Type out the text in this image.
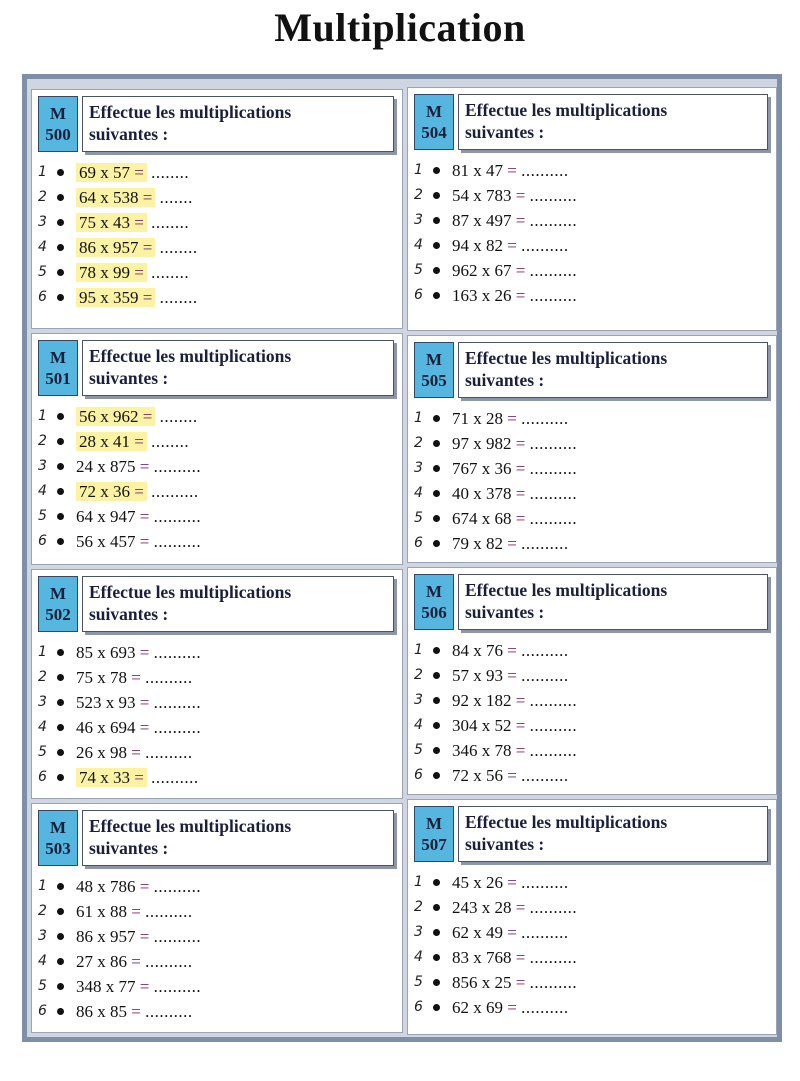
Multiplication
M
500
Effectue les multiplications
suivantes :
1 69 x 57 = ........
2 64 x 538 = .......
3 75 x 43 = ........
4 86 x 957 = ........
5 78 x 99 = ........
6 95 x 359 = ........
M
501
Effectue les multiplications
suivantes :
1 56 x 962 = ........
2 28 x 41 = ........
3 24 x 875 = ..........
4 72 x 36 = ..........
5 64 x 947 = ..........
6 56 x 457 = ..........
M
502
Effectue les multiplications
suivantes :
1 85 x 693 = ..........
2 75 x 78 = ..........
3 523 x 93 = ..........
4 46 x 694 = ..........
5 26 x 98 = ..........
6 74 x 33 = ..........
M
503
Effectue les multiplications
suivantes :
1 48 x 786 = ..........
2 61 x 88 = ..........
3 86 x 957 = ..........
4 27 x 86 = ..........
5 348 x 77 = ..........
6 86 x 85 = ..........
M
504
Effectue les multiplications
suivantes :
1 81 x 47 = ..........
2 54 x 783 = ..........
3 87 x 497 = ..........
4 94 x 82 = ..........
5 962 x 67 = ..........
6 163 x 26 = ..........
M
505
Effectue les multiplications
suivantes :
1 71 x 28 = ..........
2 97 x 982 = ..........
3 767 x 36 = ..........
4 40 x 378 = ..........
5 674 x 68 = ..........
6 79 x 82 = ..........
M
506
Effectue les multiplications
suivantes :
1 84 x 76 = ..........
2 57 x 93 = ..........
3 92 x 182 = ..........
4 304 x 52 = ..........
5 346 x 78 = ..........
6 72 x 56 = ..........
M
507
Effectue les multiplications
suivantes :
1 45 x 26 = ..........
2 243 x 28 = ..........
3 62 x 49 = ..........
4 83 x 768 = ..........
5 856 x 25 = ..........
6 62 x 69 = ..........
